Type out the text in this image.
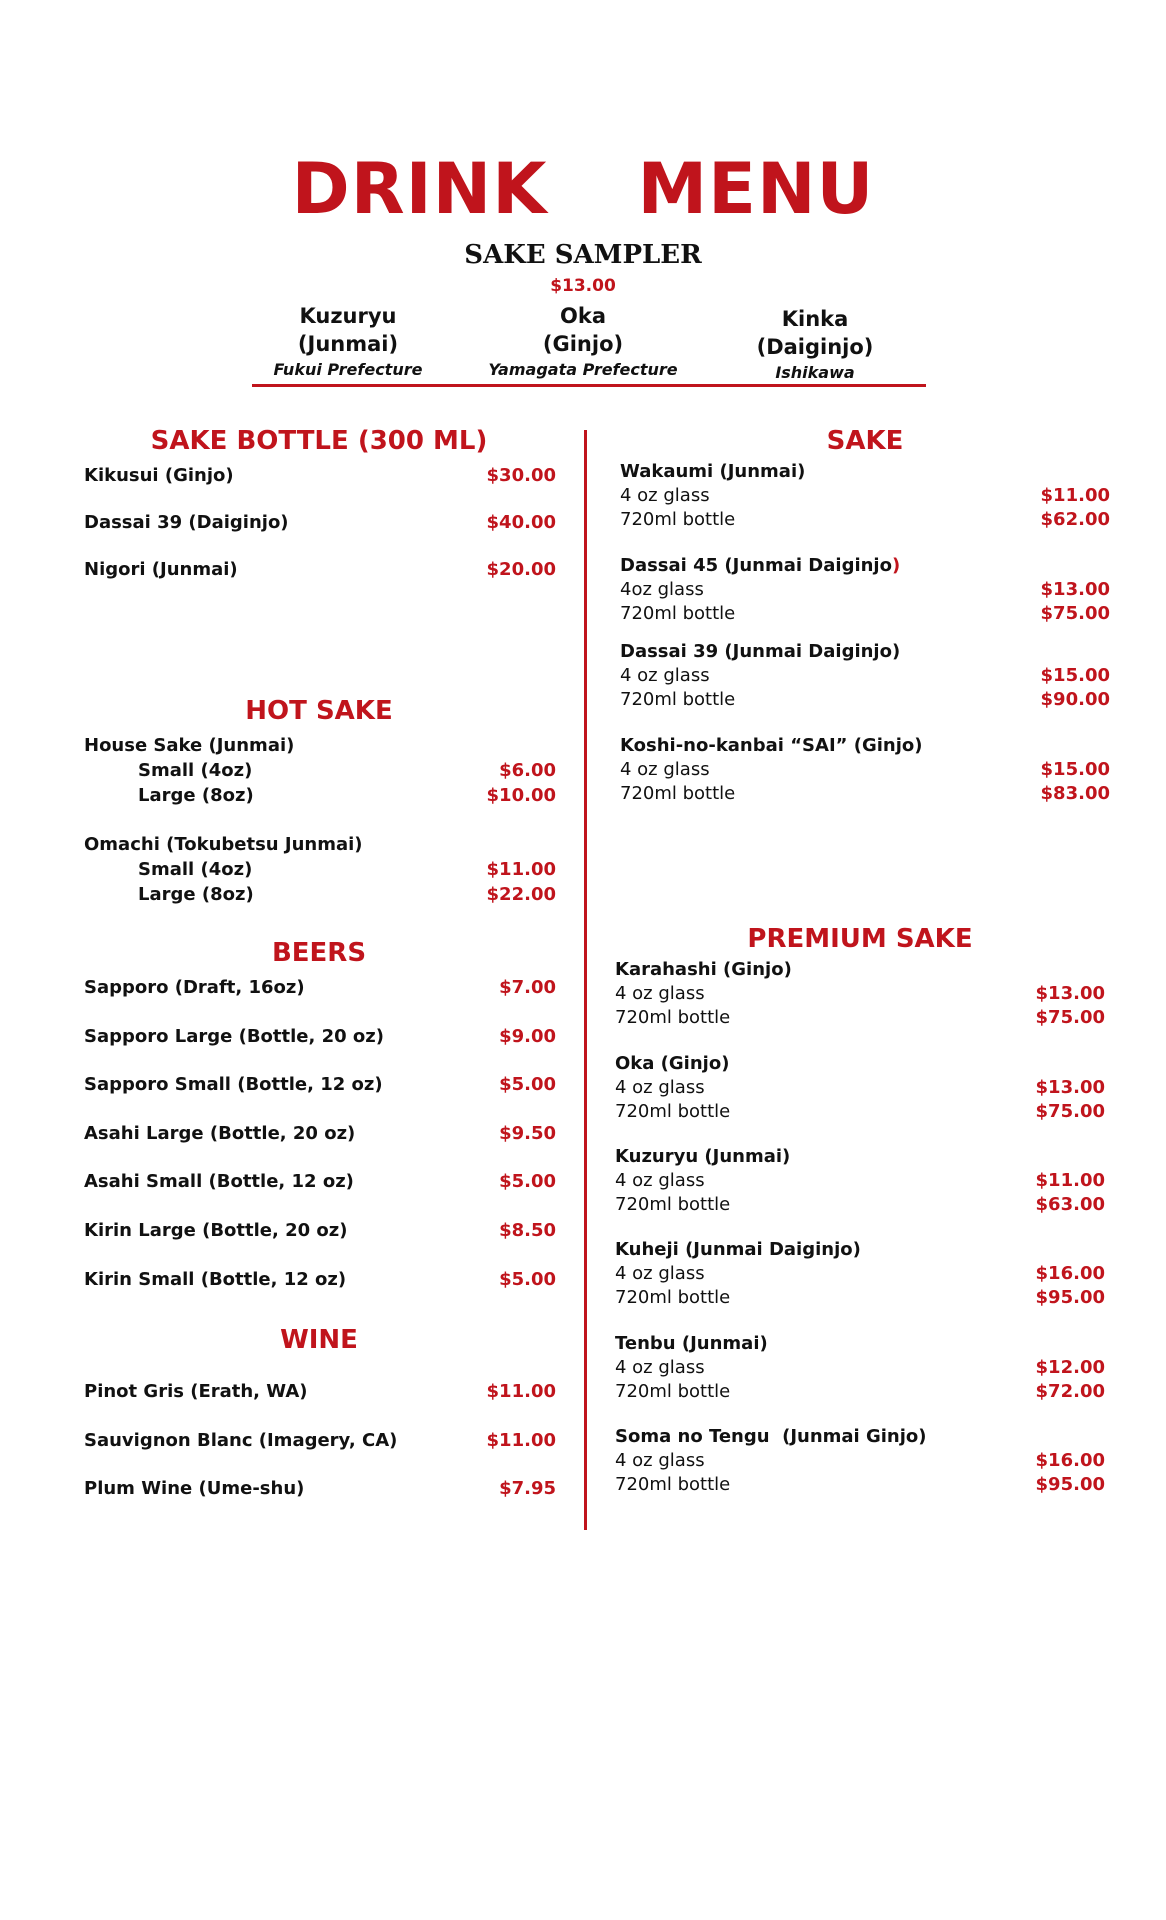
DRINK MENU
SAKE SAMPLER
$13.00
Kuzuryu
(Junmai)
Fukui Prefecture
Oka
(Ginjo)
Yamagata Prefecture
Kinka
(Daiginjo)
Ishikawa
SAKE BOTTLE (300 ML)
Kikusui (Ginjo)	$30.00
Dassai 39 (Daiginjo)	$40.00
Nigori (Junmai)	$20.00
HOT SAKE
House Sake (Junmai)
Small (4oz)	$6.00
Large (8oz)	$10.00
Omachi (Tokubetsu Junmai)
Small (4oz)	$11.00
Large (8oz)	$22.00
BEERS
Sapporo (Draft, 16oz)	$7.00
Sapporo Large (Bottle, 20 oz)	$9.00
Sapporo Small (Bottle, 12 oz)	$5.00
Asahi Large (Bottle, 20 oz)	$9.50
Asahi Small (Bottle, 12 oz)	$5.00
Kirin Large (Bottle, 20 oz)	$8.50
Kirin Small (Bottle, 12 oz)	$5.00
WINE
Pinot Gris (Erath, WA)	$11.00
Sauvignon Blanc (Imagery, CA)	$11.00
Plum Wine (Ume-shu)	$7.95
SAKE
Wakaumi (Junmai)
4 oz glass	$11.00
720ml bottle	$62.00
Dassai 45 (Junmai Daiginjo)
4oz glass	$13.00
720ml bottle	$75.00
Dassai 39 (Junmai Daiginjo)
4 oz glass	$15.00
720ml bottle	$90.00
Koshi-no-kanbai “SAI” (Ginjo)
4 oz glass	$15.00
720ml bottle	$83.00
PREMIUM SAKE
Karahashi (Ginjo)
4 oz glass	$13.00
720ml bottle	$75.00
Oka (Ginjo)
4 oz glass	$13.00
720ml bottle	$75.00
Kuzuryu (Junmai)
4 oz glass	$11.00
720ml bottle	$63.00
Kuheji (Junmai Daiginjo)
4 oz glass	$16.00
720ml bottle	$95.00
Tenbu (Junmai)
4 oz glass	$12.00
720ml bottle	$72.00
Soma no Tengu  (Junmai Ginjo)
4 oz glass	$16.00
720ml bottle	$95.00
